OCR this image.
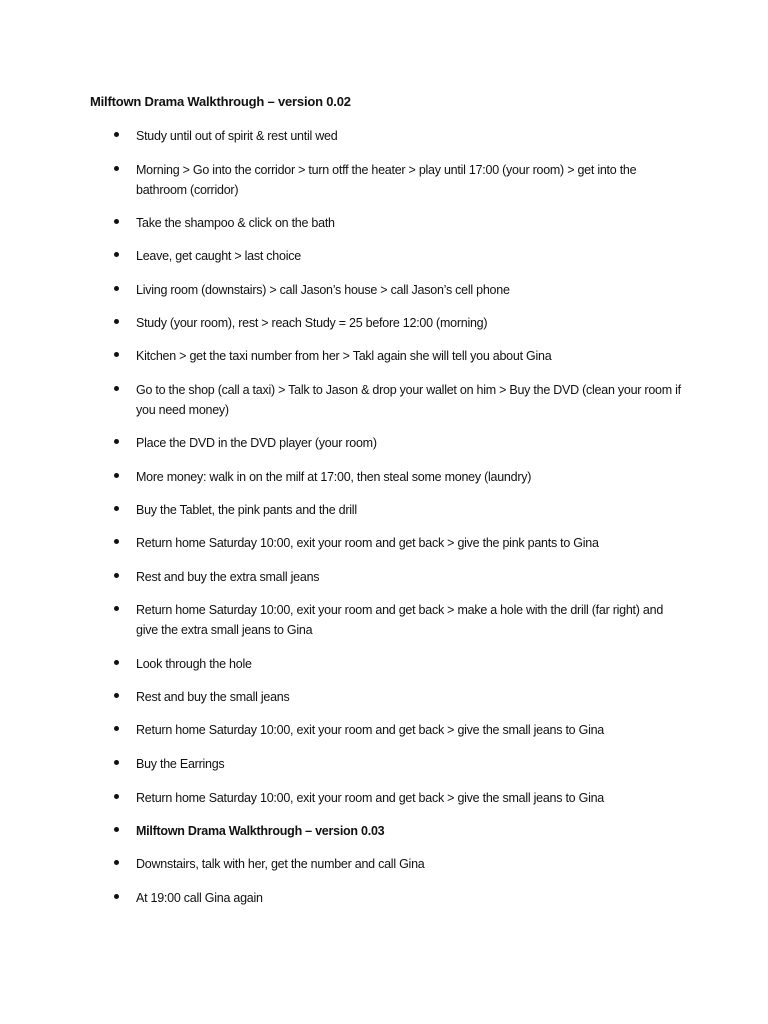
Milftown Drama Walkthrough – version 0.02
Study until out of spirit & rest until wed
Morning > Go into the corridor > turn otff the heater > play until 17:00 (your room) > get into the bathroom (corridor)
Take the shampoo & click on the bath
Leave, get caught > last choice
Living room (downstairs) > call Jason’s house > call Jason’s cell phone
Study (your room), rest > reach Study = 25 before 12:00 (morning)
Kitchen > get the taxi number from her > Takl again she will tell you about Gina
Go to the shop (call a taxi) > Talk to Jason & drop your wallet on him > Buy the DVD (clean your room if you need money)
Place the DVD in the DVD player (your room)
More money: walk in on the milf at 17:00, then steal some money (laundry)
Buy the Tablet, the pink pants and the drill
Return home Saturday 10:00, exit your room and get back > give the pink pants to Gina
Rest and buy the extra small jeans
Return home Saturday 10:00, exit your room and get back > make a hole with the drill (far right) and give the extra small jeans to Gina
Look through the hole
Rest and buy the small jeans
Return home Saturday 10:00, exit your room and get back > give the small jeans to Gina
Buy the Earrings
Return home Saturday 10:00, exit your room and get back > give the small jeans to Gina
Milftown Drama Walkthrough – version 0.03
Downstairs, talk with her, get the number and call Gina
At 19:00 call Gina again
